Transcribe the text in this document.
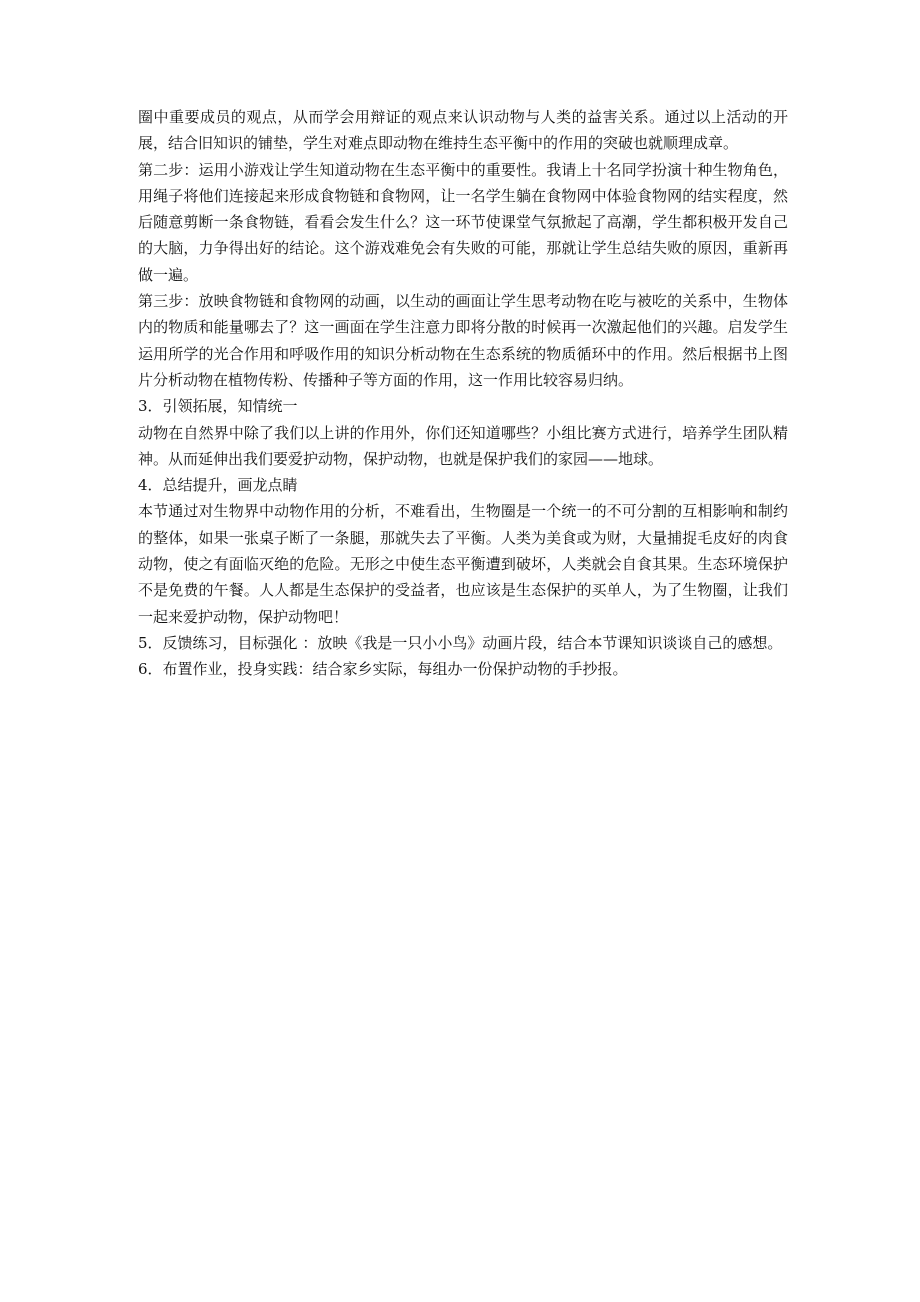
圈中重要成员的观点，从而学会用辩证的观点来认识动物与人类的益害关系。通过以上活动的开展，结合旧知识的铺垫，学生对难点即动物在维持生态平衡中的作用的突破也就顺理成章。

第二步：运用小游戏让学生知道动物在生态平衡中的重要性。我请上十名同学扮演十种生物角色，用绳子将他们连接起来形成食物链和食物网，让一名学生躺在食物网中体验食物网的结实程度，然后随意剪断一条食物链，看看会发生什么？这一环节使课堂气氛掀起了高潮，学生都积极开发自己的大脑，力争得出好的结论。这个游戏难免会有失败的可能，那就让学生总结失败的原因，重新再做一遍。

第三步：放映食物链和食物网的动画，以生动的画面让学生思考动物在吃与被吃的关系中，生物体内的物质和能量哪去了？这一画面在学生注意力即将分散的时候再一次激起他们的兴趣。启发学生运用所学的光合作用和呼吸作用的知识分析动物在生态系统的物质循环中的作用。然后根据书上图片分析动物在植物传粉、传播种子等方面的作用，这一作用比较容易归纳。

3．引领拓展，知情统一

动物在自然界中除了我们以上讲的作用外，你们还知道哪些？小组比赛方式进行，培养学生团队精神。从而延伸出我们要爱护动物，保护动物，也就是保护我们的家园——地球。

4．总结提升，画龙点睛

本节通过对生物界中动物作用的分析，不难看出，生物圈是一个统一的不可分割的互相影响和制约的整体，如果一张桌子断了一条腿，那就失去了平衡。人类为美食或为财，大量捕捉毛皮好的肉食动物，使之有面临灭绝的危险。无形之中使生态平衡遭到破坏，人类就会自食其果。生态环境保护不是免费的午餐。人人都是生态保护的受益者，也应该是生态保护的买单人，为了生物圈，让我们一起来爱护动物，保护动物吧！

5．反馈练习，目标强化 ：放映《我是一只小小鸟》动画片段，结合本节课知识谈谈自己的感想。

6．布置作业，投身实践：结合家乡实际，每组办一份保护动物的手抄报。
